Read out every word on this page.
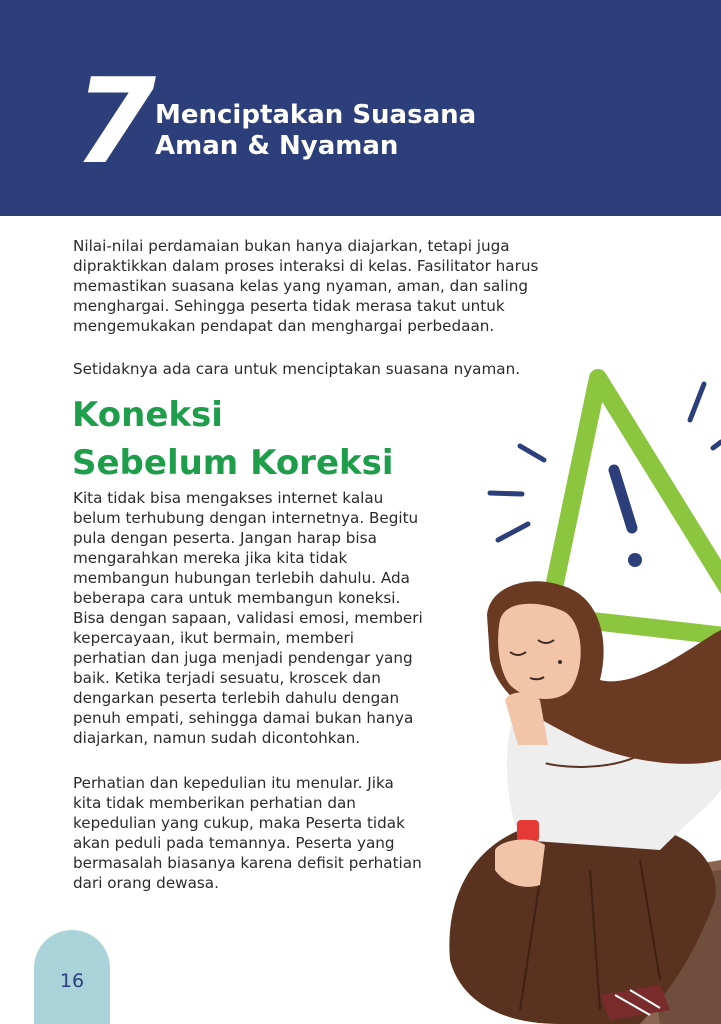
7
Menciptakan Suasana
Aman & Nyaman
Nilai-nilai perdamaian bukan hanya diajarkan, tetapi juga
dipraktikkan dalam proses interaksi di kelas. Fasilitator harus
memastikan suasana kelas yang nyaman, aman, dan saling
menghargai. Sehingga peserta tidak merasa takut untuk
mengemukakan pendapat dan menghargai perbedaan.
Setidaknya ada cara untuk menciptakan suasana nyaman.
Koneksi
Sebelum Koreksi
Kita tidak bisa mengakses internet kalau
belum terhubung dengan internetnya. Begitu
pula dengan peserta. Jangan harap bisa
mengarahkan mereka jika kita tidak
membangun hubungan terlebih dahulu. Ada
beberapa cara untuk membangun koneksi.
Bisa dengan sapaan, validasi emosi, memberi
kepercayaan, ikut bermain, memberi
perhatian dan juga menjadi pendengar yang
baik. Ketika terjadi sesuatu, kroscek dan
dengarkan peserta terlebih dahulu dengan
penuh empati, sehingga damai bukan hanya
diajarkan, namun sudah dicontohkan.
Perhatian dan kepedulian itu menular. Jika
kita tidak memberikan perhatian dan
kepedulian yang cukup, maka Peserta tidak
akan peduli pada temannya. Peserta yang
bermasalah biasanya karena defisit perhatian
dari orang dewasa.
16
